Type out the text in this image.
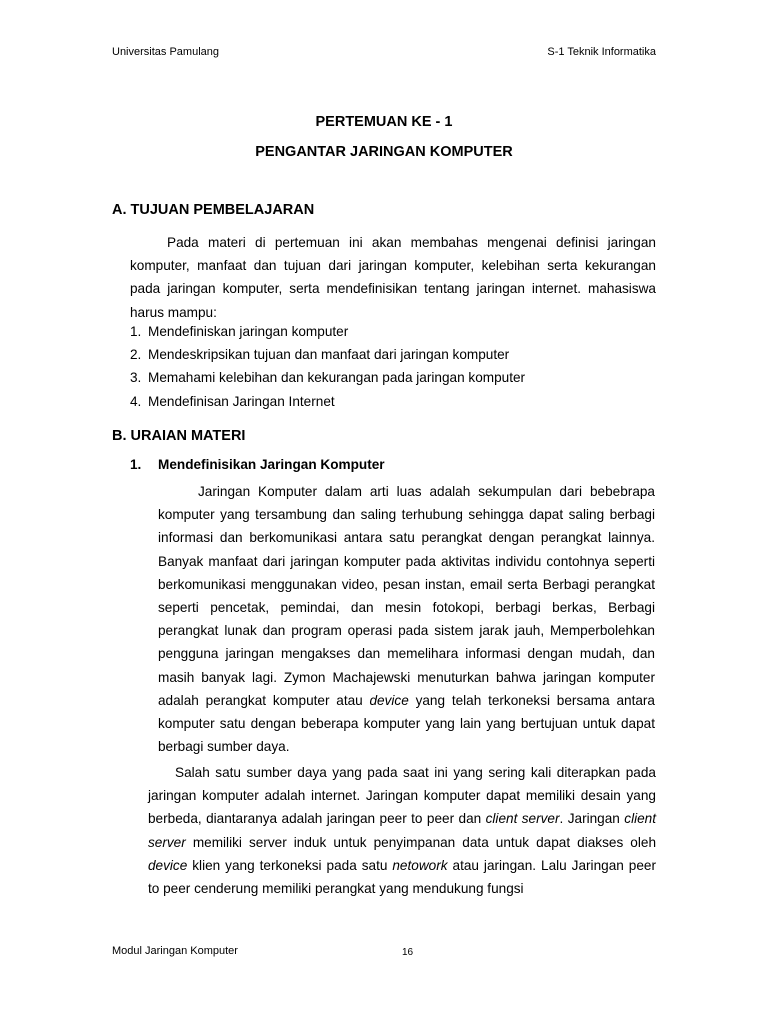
Universitas Pamulang	S-1 Teknik Informatika
PERTEMUAN KE - 1
PENGANTAR JARINGAN KOMPUTER
A. TUJUAN PEMBELAJARAN
Pada materi di pertemuan ini akan membahas mengenai definisi jaringan komputer, manfaat dan tujuan dari jaringan komputer, kelebihan serta kekurangan pada jaringan komputer, serta mendefinisikan tentang jaringan internet. mahasiswa harus mampu:
1. Mendefiniskan jaringan komputer
2. Mendeskripsikan tujuan dan manfaat dari jaringan komputer
3. Memahami kelebihan dan kekurangan pada jaringan komputer
4. Mendefinisan Jaringan Internet
B. URAIAN MATERI
1. Mendefinisikan Jaringan Komputer
Jaringan Komputer dalam arti luas adalah sekumpulan dari bebebrapa komputer yang tersambung dan saling terhubung sehingga dapat saling berbagi informasi dan berkomunikasi antara satu perangkat dengan perangkat lainnya. Banyak manfaat dari jaringan komputer pada aktivitas individu contohnya seperti berkomunikasi menggunakan video, pesan instan, email serta Berbagi perangkat seperti pencetak, pemindai, dan mesin fotokopi, berbagi berkas, Berbagi perangkat lunak dan program operasi pada sistem jarak jauh, Memperbolehkan pengguna jaringan mengakses dan memelihara informasi dengan mudah, dan masih banyak lagi. Zymon Machajewski menuturkan bahwa jaringan komputer adalah perangkat komputer atau device yang telah terkoneksi bersama antara komputer satu dengan beberapa komputer yang lain yang bertujuan untuk dapat berbagi sumber daya.
Salah satu sumber daya yang pada saat ini yang sering kali diterapkan pada jaringan komputer adalah internet. Jaringan komputer dapat memiliki desain yang berbeda, diantaranya adalah jaringan peer to peer dan client server. Jaringan client server memiliki server induk untuk penyimpanan data untuk dapat diakses oleh device klien yang terkoneksi pada satu netowork atau jaringan. Lalu Jaringan peer to peer cenderung memiliki perangkat yang mendukung fungsi
Modul Jaringan Komputer	16
